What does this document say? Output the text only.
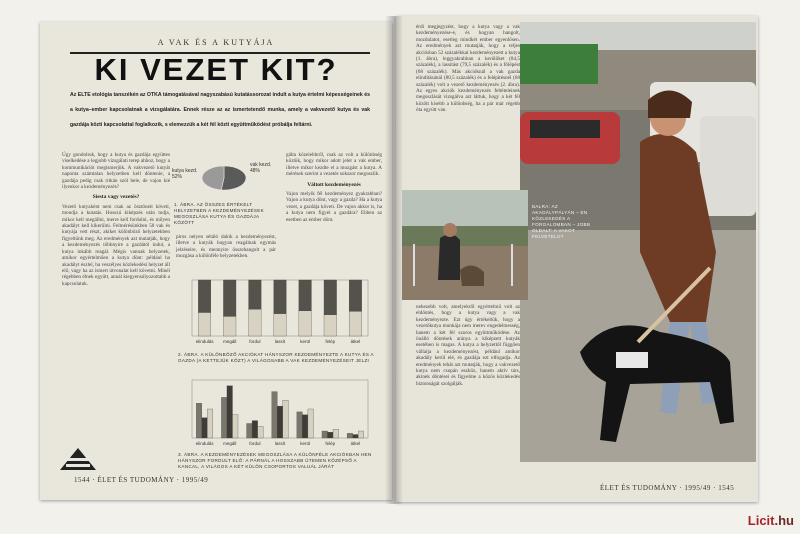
A VAK ÉS A KUTYÁJA
KI VEZET KIT?
Az ELTE etológia tanszékén az OTKA támogatásával nagyszabású kutatássorozat indult a kutya értelmi képességeinek és a kutya–ember kapcsolatnak a vizsgálatára. Ennek része az az ismertetendő munka, amely a vakvezető kutya és vak gazdája közti kapcsolattal foglalkozik, s elemezzük a két fél közti együttműködést próbálja feltárni.
Úgy gondoltuk, hogy a kutya és gazdája együttes viselkedése a legjobb vizsgálati terep ahhoz, hogy a kommunikációt megismerjük. A vakvezető kutyát naponta számtalan helyzetben kell döntenie, a gazdája pedig csak ritkán szól bele, de vajon kié ilyenkor a kezdeményezés?
Siesta vagy vezetés?
Vezető kutyaként nem csak az ösztöneit követi, mondja a kutatás. Hosszú kiképzés után tudja, mikor kell megállni, merre kell fordulni, és milyen akadályt kell kikerülni. Felmérésünkben 50 vak és kutyája vett részt, akiket különböző helyzetekben figyeltünk meg. Az eredmények azt mutatják, hogy a kezdeményezés többnyire a gazdától indul, a kutya inkább reagál. Mégis vannak helyzetek, amikor egyértelműen a kutya dönt: például ha akadályt észlel, ha veszélyes közlekedési helyzet áll elő, vagy ha az ismert útvonalat kell követni. Minél régebben élnek együtt, annál kiegyensúlyozottabb a kapcsolatuk.
kutya kezd. 52%
vak kezd. 48%
1. ÁBRA. AZ ÖSSZES ÉRTÉKELT HELYZETBEN A KEZDEMÉNYEZÉSEK MEGOSZLÁSA KUTYA ÉS GAZDÁJA KÖZÖTT
piros nelyen sétáló dakik a kezdeményezést, illetve a kutyák hogyan reagálnak egymás jelzéseire, és mennyire összehangolt a pár mozgása a különféle helyzetekben.
gálta közelebbről, csak az volt a különbség köztük, hogy mikor adott jelet a vak ember, illetve mikor kezdte el a mozgást a kutya. A mérések szerint a vezetés sokszor megoszlik.
Váltott kezdeményezés
Vajon melyik fél kezdeményez gyakrabban? Vajon a kutya dönt, vagy a gazda? Ha a kutya vezet, a gazdája követi. De vajon akkor is, ha a kutya nem figyel a gazdára? Ebben az esetben az ember dönt.
elindulás megáll	fordul	lassít	kerül	felép	átkel
2. ÁBRA. A KÜLÖNBÖZŐ AKCIÓKAT HÁNYSZOR KEZDEMÉNYEZTE A KUTYA ÉS A GAZDA (A KETTEJÜK KÖZT) A VILÁGOSABB A VAK KEZDEMÉNYEZÉSEIT JELZI
elindulás megáll	fordul	lassít	kerül	felép	átkel
3. ÁBRA. A KEZDEMÉNYEZÉSEK MEGOSZLÁSA A KÜLÖNFÉLE AKCIÓKBAN HEN HÁNYSZOR FORDULT ELŐ: A PÁRNÁL A HOSSZABB ÜTEMEN KÖZÉPSŐ A KANCAL, A VILÁGOS A KÉT KÜLÖN CSOPORTOS VALUÁL JÁRÁT
1544 · ÉLET ÉS TUDOMÁNY · 1995/49
érdi megjegyzést, hogy a kutya vagy a vak kezdeményezése-e, és hogyan hangolt, mozdulatot, esetleg mindkét ember egyenlősen. Az eredmények azt mutatják, hogy a teljes akciósban 52 százalékkal kezdeményezett a kutya (1. ábra), leggyakrabban a kerülőket (84,5 százalék), a lassítást (79,5 százalék) és a fölépést (68 százalék). Más akcióknál a vak gazda elindításánál (80,5 százalék) és a felépítésnél (68 százalék) volt a vezető kezdeményezés (2. ábra). Az egyes akciók kezdeményezés feltételeinek megoszlását vizsgálva azt láttuk, hogy a két fél között kisebb a különbség, ha a pár már régebb óta együtt van.
BALRA: AZ AKADÁLYPÁLYÁN – EN KÖZLEKEDÉS A FORGALOMBAN – JOBB OLDALT: A VAKOT FELVETELOT
nehezebb volt, amelyekről egyértelmű volt az eldöntés, hogy a kutya vagy a vak kezdeményezte. Ezt úgy értékeltük, hogy a vezetőkutya munkája nem merev engedelmesség, hanem a két fél szoros együttműködése. Az önálló döntések aránya a kiképzett kutyák esetében is magas. A kutya a helyzettől függően vállalja a kezdeményezést, például amikor akadály kerül elé, és gazdája ezt elfogadja. Az eredmények tehát azt mutatják, hogy a vakvezető kutya nem csupán eszköz, hanem aktív társ, akinek döntései és figyelme a közös közlekedés biztonságát szolgálják.
ÉLET ÉS TUDOMÁNY · 1995/49 · 1545
Licit.hu
